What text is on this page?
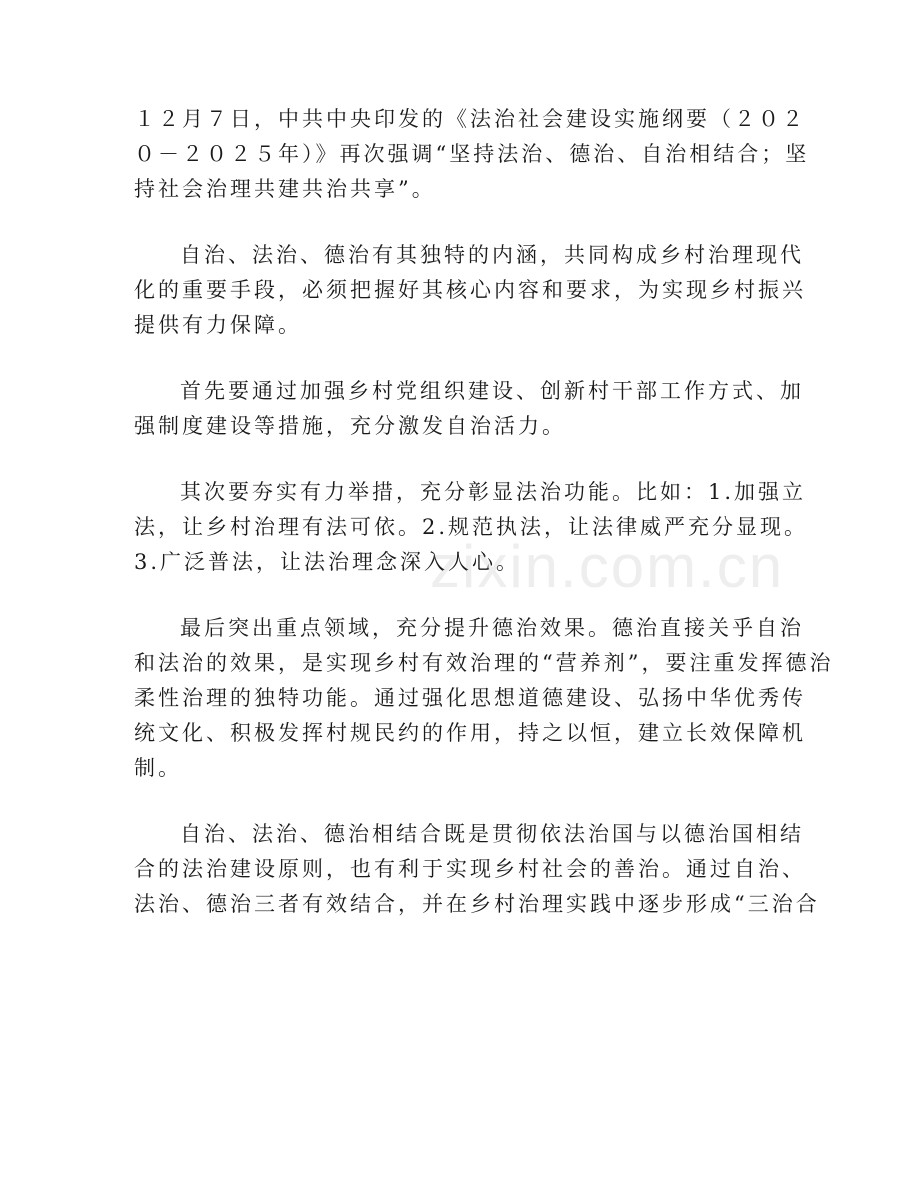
１２月７日，中共中央印发的《法治社会建设实施纲要（２０２
０－２０２５年）》再次强调“坚持法治、德治、自治相结合；坚
持社会治理共建共治共享”。

自治、法治、德治有其独特的内涵，共同构成乡村治理现代
化的重要手段，必须把握好其核心内容和要求，为实现乡村振兴
提供有力保障。

首先要通过加强乡村党组织建设、创新村干部工作方式、加
强制度建设等措施，充分激发自治活力。

其次要夯实有力举措，充分彰显法治功能。比如：1.加强立
法，让乡村治理有法可依。2.规范执法，让法律威严充分显现。
3.广泛普法，让法治理念深入人心。

最后突出重点领域，充分提升德治效果。德治直接关乎自治
和法治的效果，是实现乡村有效治理的“营养剂”，要注重发挥德治
柔性治理的独特功能。通过强化思想道德建设、弘扬中华优秀传
统文化、积极发挥村规民约的作用，持之以恒，建立长效保障机
制。

自治、法治、德治相结合既是贯彻依法治国与以德治国相结
合的法治建设原则，也有利于实现乡村社会的善治。通过自治、
法治、德治三者有效结合，并在乡村治理实践中逐步形成“三治合

zixin.com.cn
